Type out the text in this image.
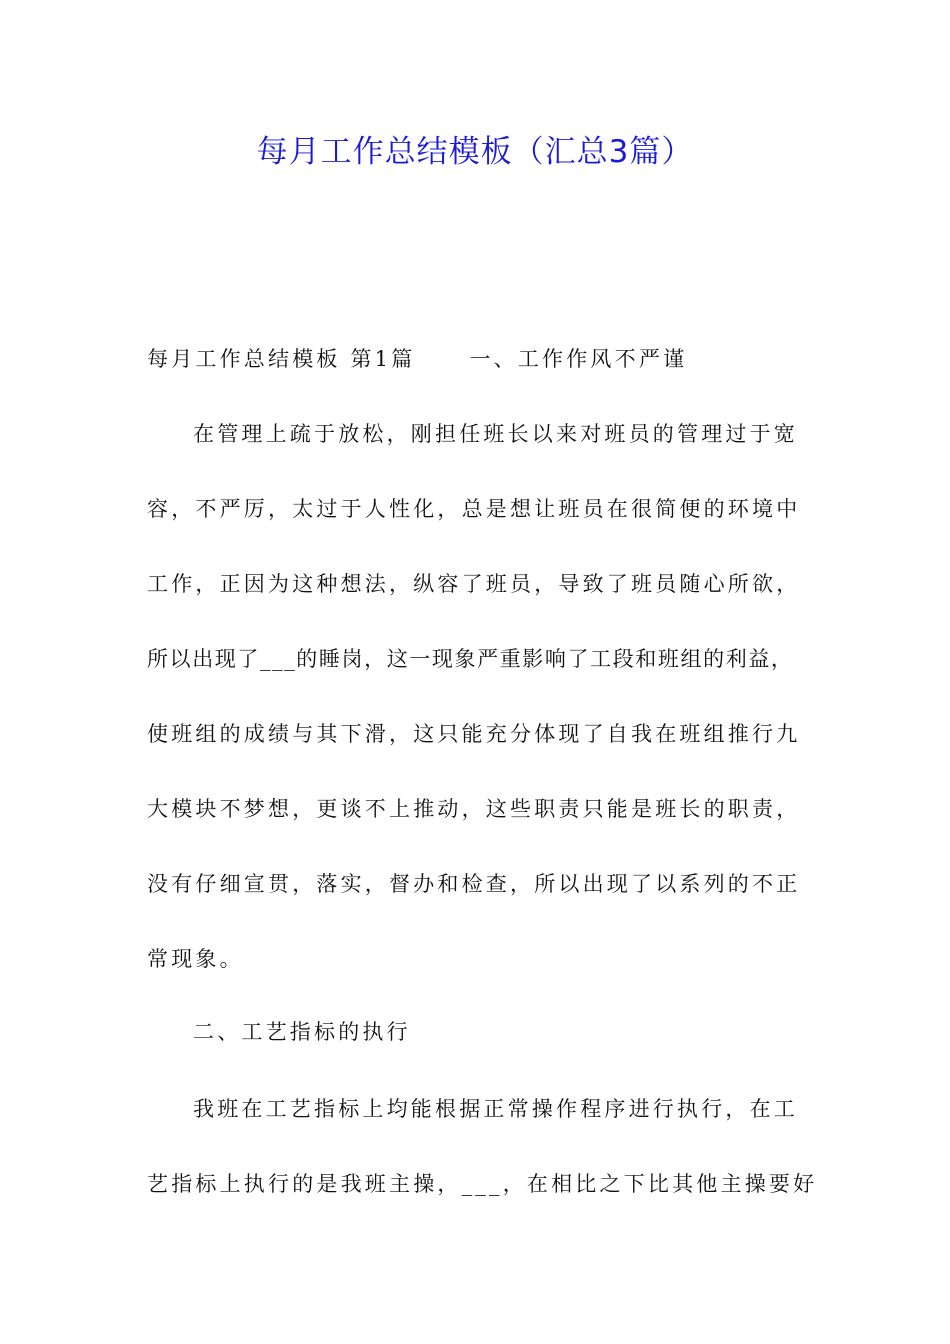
每月工作总结模板（汇总3篇）
每月工作总结模板 第1篇	一、工作作风不严谨
在管理上疏于放松，刚担任班长以来对班员的管理过于宽
容，不严厉，太过于人性化，总是想让班员在很简便的环境中
工作，正因为这种想法，纵容了班员，导致了班员随心所欲，
所以出现了___的睡岗，这一现象严重影响了工段和班组的利益，
使班组的成绩与其下滑，这只能充分体现了自我在班组推行九
大模块不梦想，更谈不上推动，这些职责只能是班长的职责，
没有仔细宣贯，落实，督办和检查，所以出现了以系列的不正
常现象。
二、工艺指标的执行
我班在工艺指标上均能根据正常操作程序进行执行，在工
艺指标上执行的是我班主操，___，在相比之下比其他主操要好
